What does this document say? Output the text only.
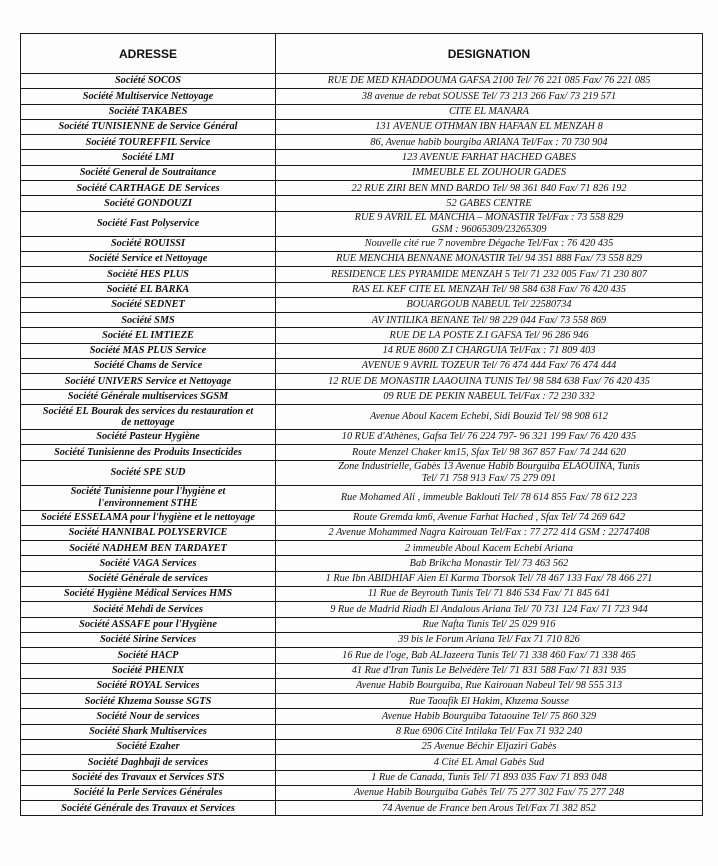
ADRESSE	DESIGNATION
Société SOCOS	RUE DE MED KHADDOUMA GAFSA 2100 Tel/ 76 221 085 Fax/ 76 221 085
Société Multiservice Nettoyage	38 avenue de rebat SOUSSE Tel/ 73 213 266 Fax/ 73 219 571
Société TAKABES	CITE EL MANARA
Société TUNISIENNE de Service Général	131 AVENUE OTHMAN IBN HAFAAN EL MENZAH 8
Société TOUREFFIL Service	86, Avenue habib bourgiba ARIANA Tel/Fax : 70 730 904
Société LMI	123 AVENUE FARHAT HACHED GABES
Société General de Soutraitance	IMMEUBLE EL ZOUHOUR GADES
Société CARTHAGE DE Services	22 RUE ZIRI BEN MND BARDO Tel/ 98 361 840 Fax/ 71 826 192
Société GONDOUZI	52 GABES CENTRE
Société Fast Polyservice	RUE 9 AVRIL EL MANCHIA – MONASTIR Tel/Fax : 73 558 829
GSM : 96065309/23265309
Société ROUISSI	Nouvelle cité rue 7 novembre Dégache Tel/Fax : 76 420 435
Société Service et Nettoyage	RUE MENCHIA BENNANE MONASTIR Tel/ 94 351 888 Fax/ 73 558 829
Société HES PLUS	RESIDENCE LES PYRAMIDE MENZAH 5 Tel/ 71 232 005 Fax/ 71 230 807
Société EL BARKA	RAS EL KEF CITE EL MENZAH Tel/ 98 584 638 Fax/ 76 420 435
Société SEDNET	BOUARGOUB NABEUL Tel/ 22580734
Société SMS	AV INTILIKA BENANE Tel/ 98 229 044 Fax/ 73 558 869
Société EL IMTIEZE	RUE DE LA POSTE Z.I GAFSA Tel/ 96 286 946
Société MAS PLUS Service	14 RUE 8600 Z.I CHARGUIA Tel/Fax : 71 809 403
Société Chams de Service	AVENUE 9 AVRIL TOZEUR Tel/ 76 474 444 Fax/ 76 474 444
Société UNIVERS Service et Nettoyage	12 RUE DE MONASTIR LAAOUINA TUNIS Tel/ 98 584 638 Fax/ 76 420 435
Société Générale multiservices SGSM	09 RUE DE PEKIN NABEUL Tel/Fax : 72 230 332
Société EL Bourak des services du restauration et
de nettoyage	Avenue Aboul Kacem Echebi, Sidi Bouzid Tel/ 98 908 612
Société Pasteur Hygiène	10 RUE d'Athènes, Gafsa Tel/ 76 224 797- 96 321 199 Fax/ 76 420 435
Société Tunisienne des Produits Insecticides	Route Menzel Chaker km15, Sfax Tel/ 98 367 857 Fax/ 74 244 620
Société SPE SUD	Zone Industrielle, Gabès 13 Avenue Habib Bourguiba ELAOUINA, Tunis
Tel/ 71 758 913 Fax/ 75 279 091
Société Tunisienne pour l'hygiène et
l'environnement STHE	Rue Mohamed Ali , immeuble Baklouti Tel/ 78 614 855 Fax/ 78 612 223
Société ESSELAMA pour l'hygiène et le nettoyage	Route Gremda km6, Avenue Farhat Hached , Sfax Tel/ 74 269 642
Société HANNIBAL POLYSERVICE	2 Avenue Mohammed Nagra Kairouan Tel/Fax : 77 272 414 GSM : 22747408
Société NADHEM BEN TARDAYET	2 immeuble Aboul Kacem Echebi Ariana
Société VAGA Services	Bab Brikcha Monastir Tel/ 73 463 562
Société Générale de services	1 Rue Ibn ABIDHIAF Aien El Karma Tborsok Tel/ 78 467 133 Fax/ 78 466 271
Société Hygiène Médical Services HMS	11 Rue de Beyrouth Tunis Tel/ 71 846 534 Fax/ 71 845 641
Société Mehdi de Services	9 Rue de Madrid Riadh El Andalous Ariana Tel/ 70 731 124 Fax/ 71 723 944
Société ASSAFE pour l'Hygiène	Rue Nafta Tunis Tel/ 25 029 916
Société Sirine Services	39 bis le Forum Ariana Tel/ Fax 71 710 826
Société HACP	16 Rue de l'oge, Bab ALJazeera Tunis Tel/ 71 338 460 Fax/ 71 338 465
Société PHENIX	41 Rue d'Iran Tunis Le Belvédère Tel/ 71 831 588 Fax/ 71 831 935
Société ROYAL Services	Avenue Habib Bourguiba, Rue Kairouan Nabeul Tel/ 98 555 313
Société Khzema Sousse SGTS	Rue Taoufik El Hakim, Khzema Sousse
Société Nour de services	Avenue Habib Bourguiba Tataouine Tel/ 75 860 329
Société Shark Multiservices	8 Rue 6906 Cité Intilaka Tel/ Fax 71 932 240
Société Ezaher	25 Avenue Béchir Eljaziri Gabès
Société Daghbaji de services	4 Cité EL Amal Gabès Sud
Société des Travaux et Services STS	1 Rue de Canada, Tunis Tel/ 71 893 035 Fax/ 71 893 048
Société la Perle Services Générales	Avenue Habib Bourguiba Gabès Tel/ 75 277 302 Fax/ 75 277 248
Société Générale des Travaux et Services	74 Avenue de France ben Arous Tel/Fax 71 382 852
